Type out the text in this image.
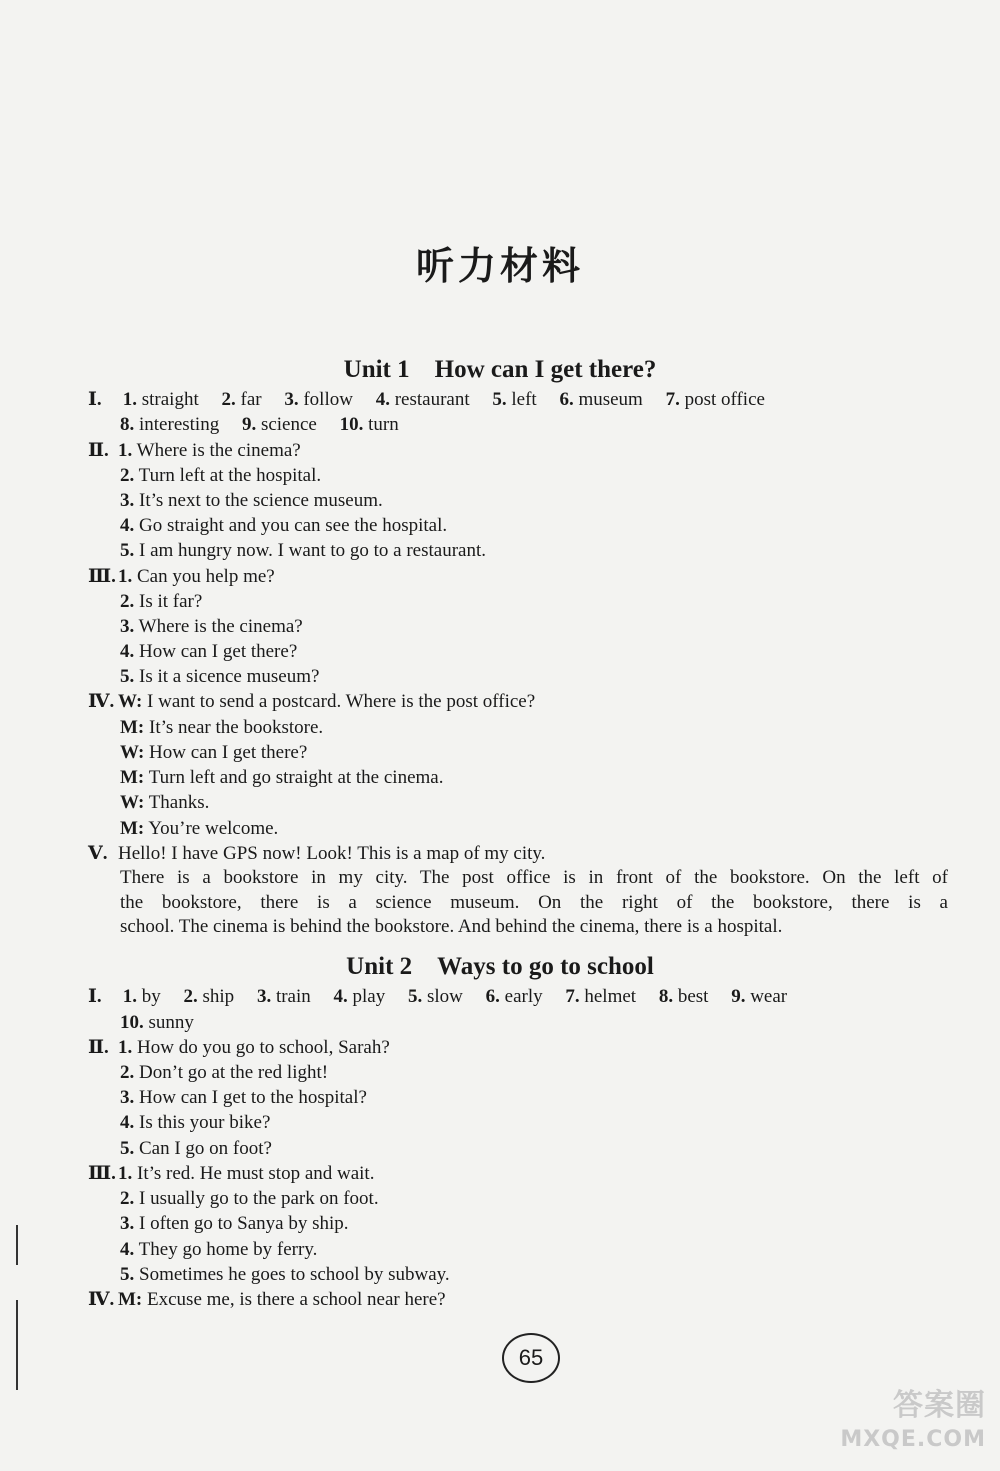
听力材料
Unit 1　How can I get there?
Ⅰ. 1. straight 2. far 3. follow 4. restaurant 5. left 6. museum 7. post office
8. interesting 9. science 10. turn
Ⅱ. 1. Where is the cinema?
2. Turn left at the hospital.
3. It’s next to the science museum.
4. Go straight and you can see the hospital.
5. I am hungry now. I want to go to a restaurant.
Ⅲ. 1. Can you help me?
2. Is it far?
3. Where is the cinema?
4. How can I get there?
5. Is it a sicence museum?
Ⅳ. W: I want to send a postcard. Where is the post office?
M: It’s near the bookstore.
W: How can I get there?
M: Turn left and go straight at the cinema.
W: Thanks.
M: You’re welcome.
Ⅴ. Hello! I have GPS now! Look! This is a map of my city.
There is a bookstore in my city. The post office is in front of the bookstore. On the left of
the bookstore, there is a science museum. On the right of the bookstore, there is a
school. The cinema is behind the bookstore. And behind the cinema, there is a hospital.
Unit 2　Ways to go to school
Ⅰ. 1. by 2. ship 3. train 4. play 5. slow 6. early 7. helmet 8. best 9. wear
10. sunny
Ⅱ. 1. How do you go to school, Sarah?
2. Don’t go at the red light!
3. How can I get to the hospital?
4. Is this your bike?
5. Can I go on foot?
Ⅲ. 1. It’s red. He must stop and wait.
2. I usually go to the park on foot.
3. I often go to Sanya by ship.
4. They go home by ferry.
5. Sometimes he goes to school by subway.
Ⅳ. M: Excuse me, is there a school near here?
65
答案圈
MXQE.COM
